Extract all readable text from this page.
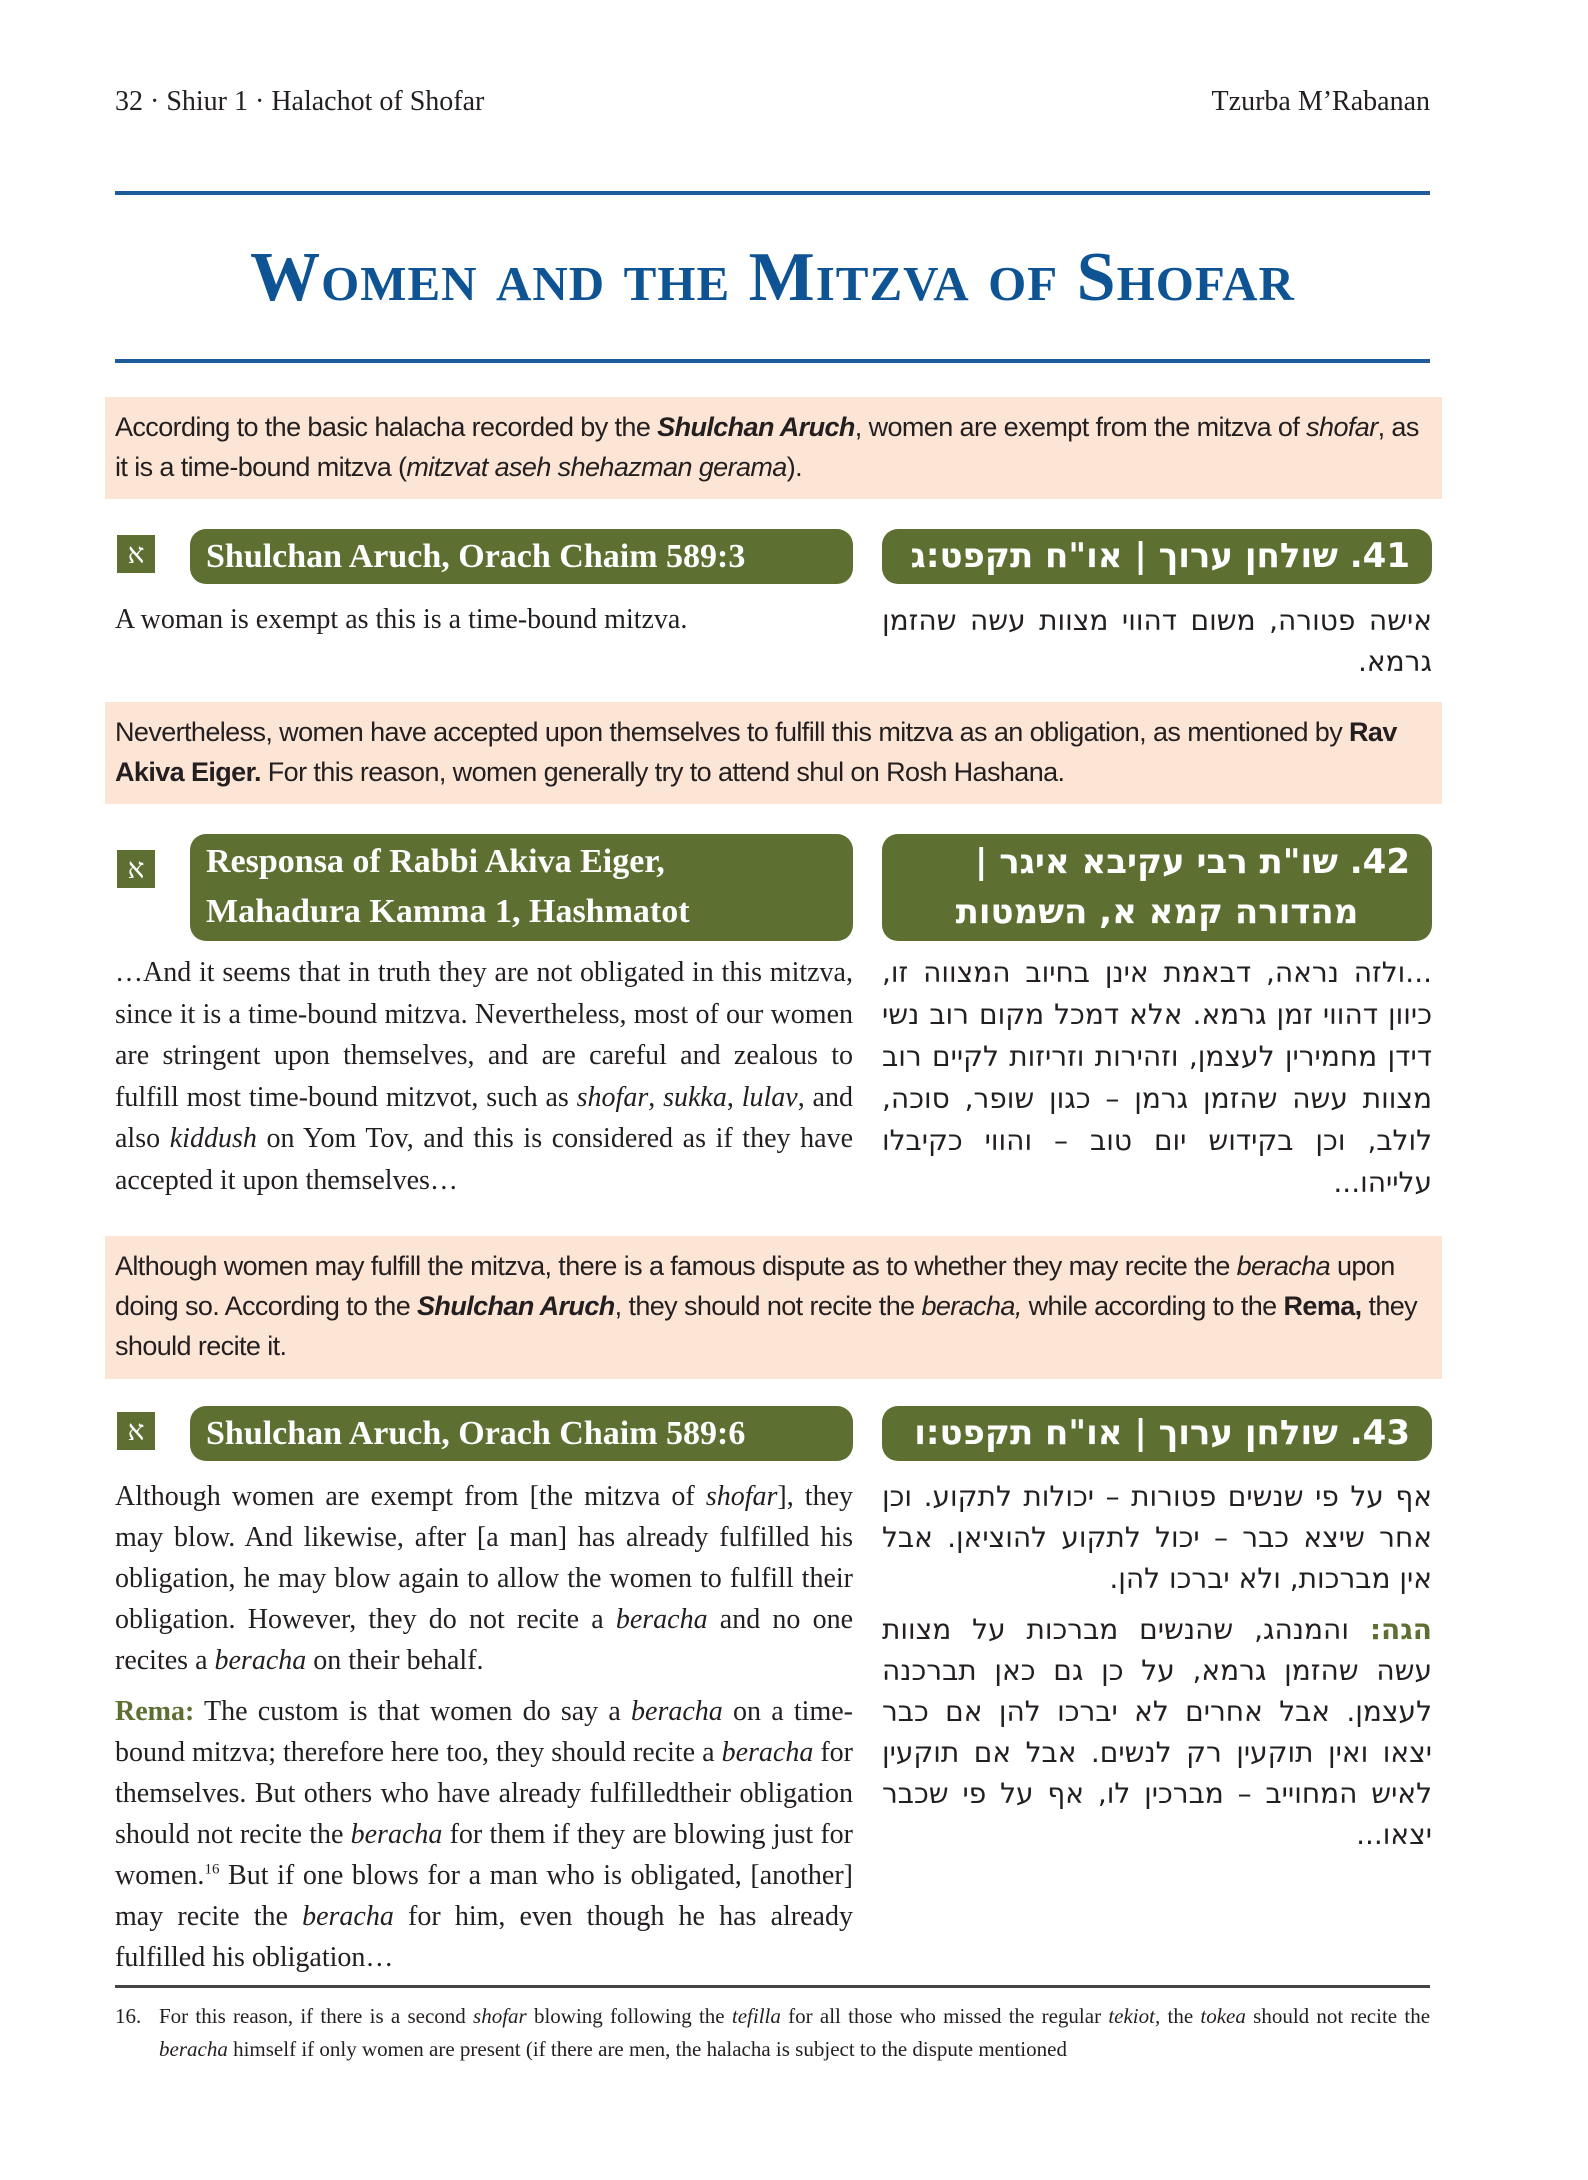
32 · Shiur 1 · Halachot of Shofar	Tzurba M’Rabanan
Women and the Mitzva of Shofar
According to the basic halacha recorded by the Shulchan Aruch, women are exempt from the mitzva of shofar, as it is a time-bound mitzva (mitzvat aseh shehazman gerama).
א	Shulchan Aruch, Orach Chaim 589:3	41. שולחן ערוך | או"ח תקפט:ג
A woman is exempt as this is a time-bound mitzva.	אישה פטורה, משום דהווי מצוות עשה שהזמן גרמא.
Nevertheless, women have accepted upon themselves to fulfill this mitzva as an obligation, as mentioned by Rav Akiva Eiger. For this reason, women generally try to attend shul on Rosh Hashana.
א	Responsa of Rabbi Akiva Eiger,
Mahadura Kamma 1, Hashmatot
42. שו"ת רבי עקיבא איגר |
מהדורה קמא א, השמטות
…And it seems that in truth they are not obligated in this mitzva, since it is a time-bound mitzva. Nevertheless, most of our women are stringent upon themselves, and are careful and zealous to fulfill most time-bound mitzvot, such as shofar, sukka, lulav, and also kiddush on Yom Tov, and this is considered as if they have accepted it upon themselves…
...ולזה נראה, דבאמת אינן בחיוב המצווה זו, כיוון דהווי זמן גרמא. אלא דמכל מקום רוב נשי דידן מחמירין לעצמן, וזהירות וזריזות לקיים רוב מצוות עשה שהזמן גרמן – כגון שופר, סוכה, לולב, וכן בקידוש יום טוב – והווי כקיבלו עלייהו...
Although women may fulfill the mitzva, there is a famous dispute as to whether they may recite the beracha upon doing so. According to the Shulchan Aruch, they should not recite the beracha, while according to the Rema, they should recite it.
א	Shulchan Aruch, Orach Chaim 589:6	43. שולחן ערוך | או"ח תקפט:ו
Although women are exempt from [the mitzva of shofar], they may blow. And likewise, after [a man] has already fulfilled his obligation, he may blow again to allow the women to fulfill their obligation. However, they do not recite a beracha and no one recites a beracha on their behalf.
Rema: The custom is that women do say a beracha on a time-bound mitzva; therefore here too, they should recite a beracha for themselves. But others who have already fulfilledtheir obligation should not recite the beracha for them if they are blowing just for women.$^{16}$ But if one blows for a man who is obligated, [another] may recite the beracha for him, even though he has already fulfilled his obligation…
אף על פי שנשים פטורות – יכולות לתקוע. וכן אחר שיצא כבר – יכול לתקוע להוציאן. אבל אין מברכות, ולא יברכו להן.
הגה: והמנהג, שהנשים מברכות על מצוות עשה שהזמן גרמא, על כן גם כאן תברכנה לעצמן. אבל אחרים לא יברכו להן אם כבר יצאו ואין תוקעין רק לנשים. אבל אם תוקעין לאיש המחוייב – מברכין לו, אף על פי שכבר יצאו...
16. For this reason, if there is a second shofar blowing following the tefilla for all those who missed the regular tekiot, the tokea should not recite the beracha himself if only women are present (if there are men, the halacha is subject to the dispute mentioned
